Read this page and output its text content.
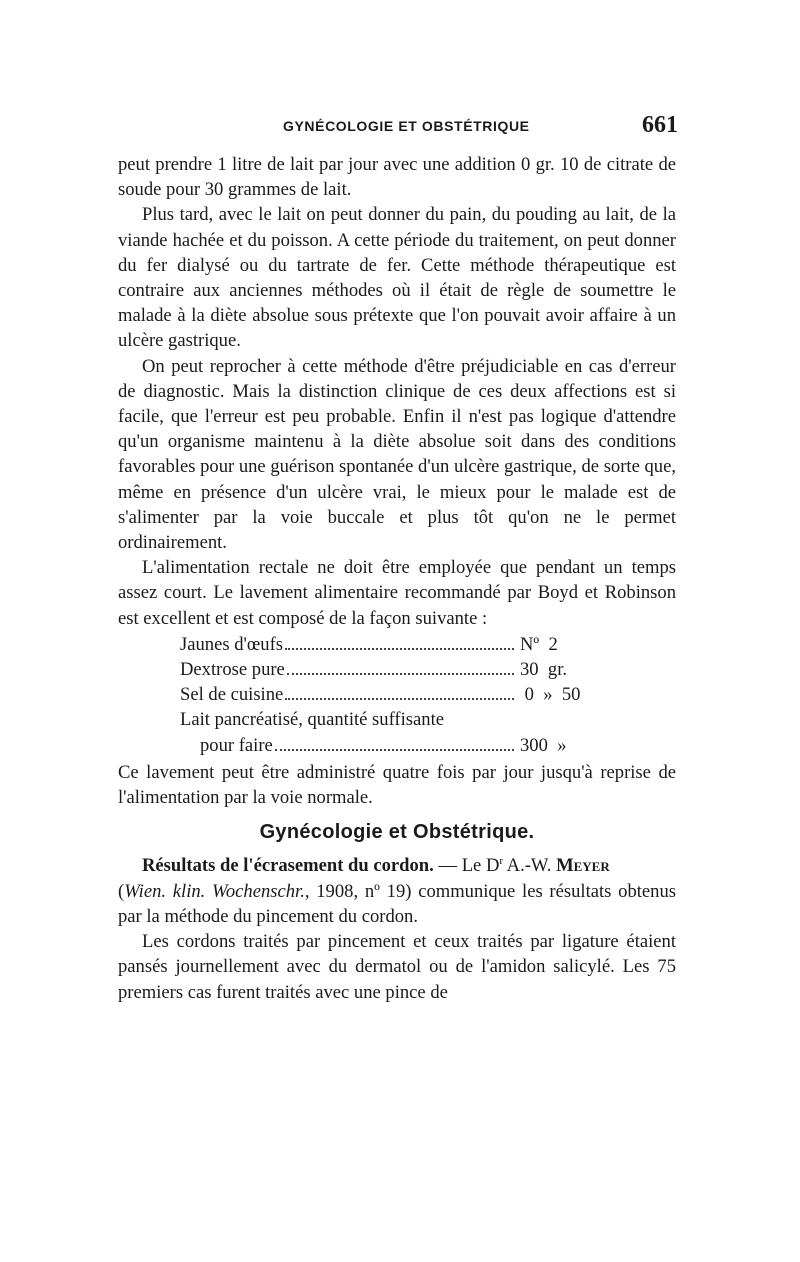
GYNÉCOLOGIE ET OBSTÉTRIQUE	661

peut prendre 1 litre de lait par jour avec une addition 0 gr. 10 de citrate de soude pour 30 grammes de lait.

Plus tard, avec le lait on peut donner du pain, du pouding au lait, de la viande hachée et du poisson. A cette période du traitement, on peut donner du fer dialysé ou du tartrate de fer. Cette méthode thérapeutique est contraire aux anciennes méthodes où il était de règle de soumettre le malade à la diète absolue sous prétexte que l'on pouvait avoir affaire à un ulcère gastrique.

On peut reprocher à cette méthode d'être préjudiciable en cas d'erreur de diagnostic. Mais la distinction clinique de ces deux affections est si facile, que l'erreur est peu probable. Enfin il n'est pas logique d'attendre qu'un organisme maintenu à la diète absolue soit dans des conditions favorables pour une guérison spontanée d'un ulcère gastrique, de sorte que, même en présence d'un ulcère vrai, le mieux pour le malade est de s'alimenter par la voie buccale et plus tôt qu'on ne le permet ordinairement.

L'alimentation rectale ne doit être employée que pendant un temps assez court. Le lavement alimentaire recommandé par Boyd et Robinson est excellent et est composé de la façon suivante :

Jaunes d'œufs	Nº  2
Dextrose pure	30  gr.
Sel de cuisine	0  »  50
Lait pancréatisé, quantité suffisante
pour faire	300  »

Ce lavement peut être administré quatre fois par jour jusqu'à reprise de l'alimentation par la voie normale.

Gynécologie et Obstétrique.

Résultats de l'écrasement du cordon. — Le $D^r$ A.-W. Meyer
(Wien. klin. Wochenschr., 1908, nº 19) communique les résultats obtenus par la méthode du pincement du cordon.

Les cordons traités par pincement et ceux traités par ligature étaient pansés journellement avec du dermatol ou de l'amidon salicylé. Les 75 premiers cas furent traités avec une pince de
